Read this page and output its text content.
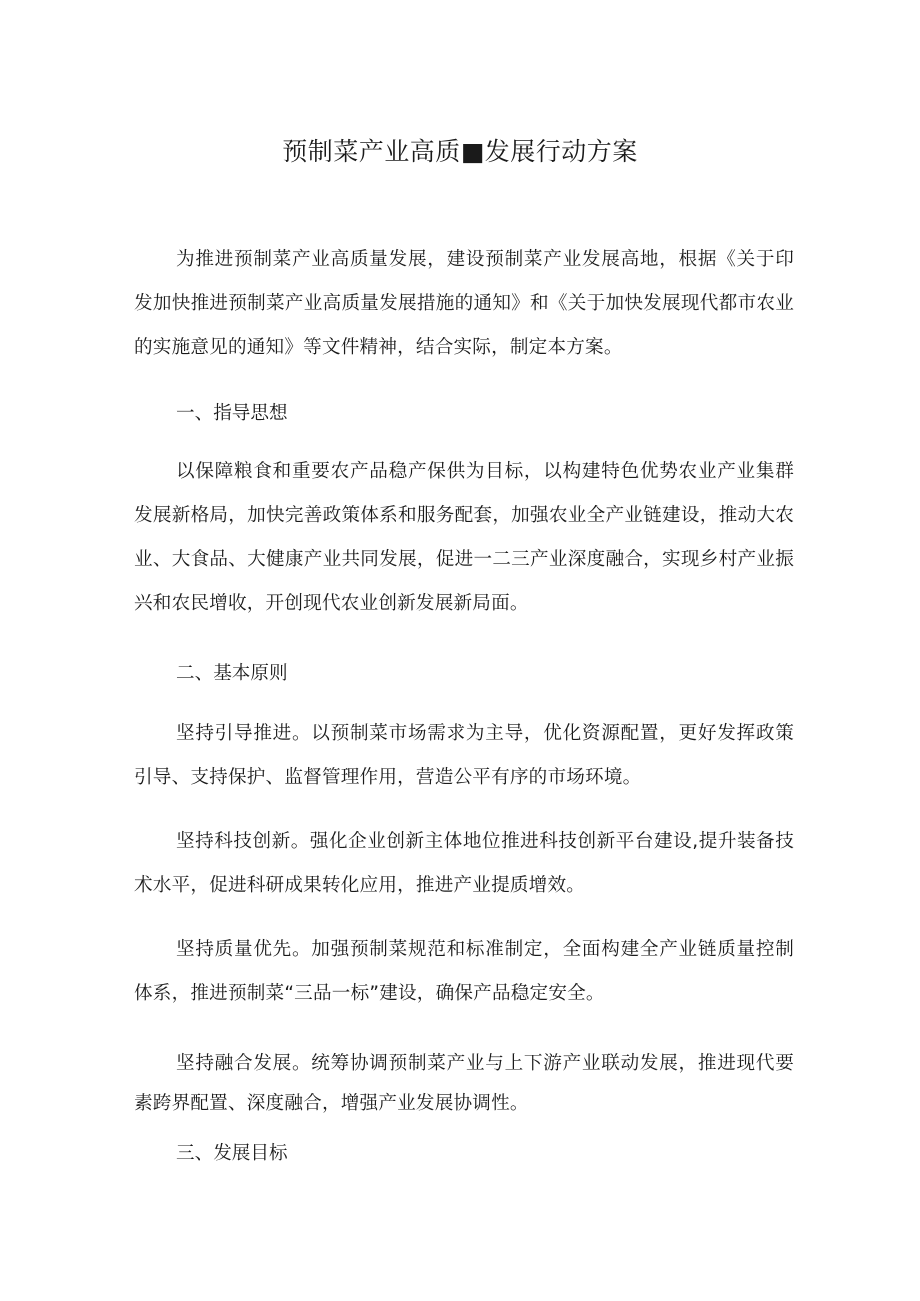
预制菜产业高质■发展行动方案

为推进预制菜产业高质量发展，建设预制菜产业发展高地，根据《关于印发加快推进预制菜产业高质量发展措施的通知》和《关于加快发展现代都市农业的实施意见的通知》等文件精神，结合实际，制定本方案。

一、指导思想

以保障粮食和重要农产品稳产保供为目标，以构建特色优势农业产业集群发展新格局，加快完善政策体系和服务配套，加强农业全产业链建设，推动大农业、大食品、大健康产业共同发展，促进一二三产业深度融合，实现乡村产业振兴和农民增收，开创现代农业创新发展新局面。

二、基本原则

坚持引导推进。以预制菜市场需求为主导，优化资源配置，更好发挥政策引导、支持保护、监督管理作用，营造公平有序的市场环境。

坚持科技创新。强化企业创新主体地位推进科技创新平台建设,提升装备技术水平，促进科研成果转化应用，推进产业提质增效。

坚持质量优先。加强预制菜规范和标准制定，全面构建全产业链质量控制体系，推进预制菜“三品一标”建设，确保产品稳定安全。

坚持融合发展。统筹协调预制菜产业与上下游产业联动发展，推进现代要素跨界配置、深度融合，增强产业发展协调性。

三、发展目标
